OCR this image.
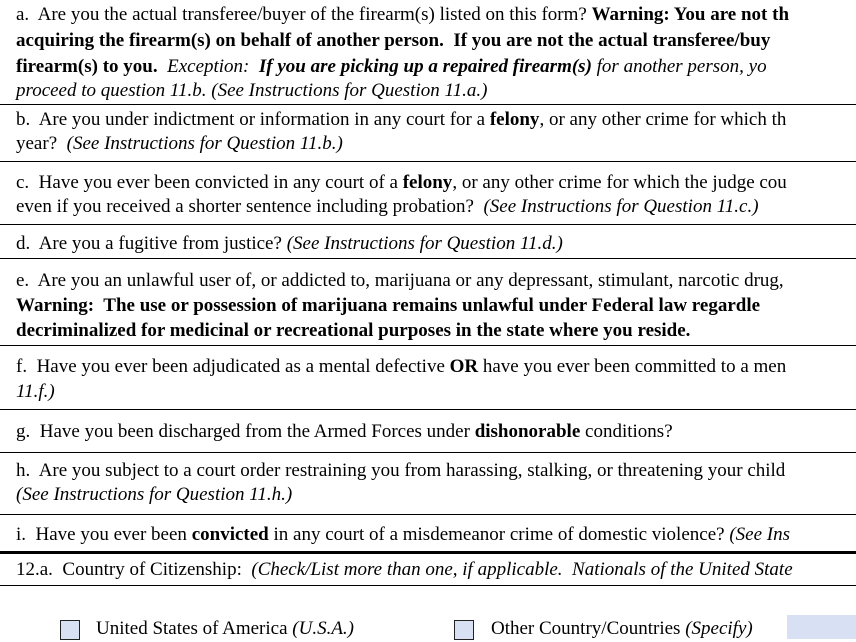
a.  Are you the actual transferee/buyer of the firearm(s) listed on this form? Warning: You are not th
acquiring the firearm(s) on behalf of another person.  If you are not the actual transferee/buy
firearm(s) to you.  Exception:  If you are picking up a repaired firearm(s) for another person, yo
proceed to question 11.b. (See Instructions for Question 11.a.)
b.  Are you under indictment or information in any court for a felony, or any other crime for which th
year?  (See Instructions for Question 11.b.)
c.  Have you ever been convicted in any court of a felony, or any other crime for which the judge cou
even if you received a shorter sentence including probation?  (See Instructions for Question 11.c.)
d.  Are you a fugitive from justice? (See Instructions for Question 11.d.)
e.  Are you an unlawful user of, or addicted to, marijuana or any depressant, stimulant, narcotic drug,
Warning:  The use or possession of marijuana remains unlawful under Federal law regardle
decriminalized for medicinal or recreational purposes in the state where you reside.
f.  Have you ever been adjudicated as a mental defective OR have you ever been committed to a men
11.f.)
g.  Have you been discharged from the Armed Forces under dishonorable conditions?
h.  Are you subject to a court order restraining you from harassing, stalking, or threatening your child
(See Instructions for Question 11.h.)
i.  Have you ever been convicted in any court of a misdemeanor crime of domestic violence? (See Ins
12.a.  Country of Citizenship:  (Check/List more than one, if applicable.  Nationals of the United State
United States of America (U.S.A.)	Other Country/Countries (Specify)
